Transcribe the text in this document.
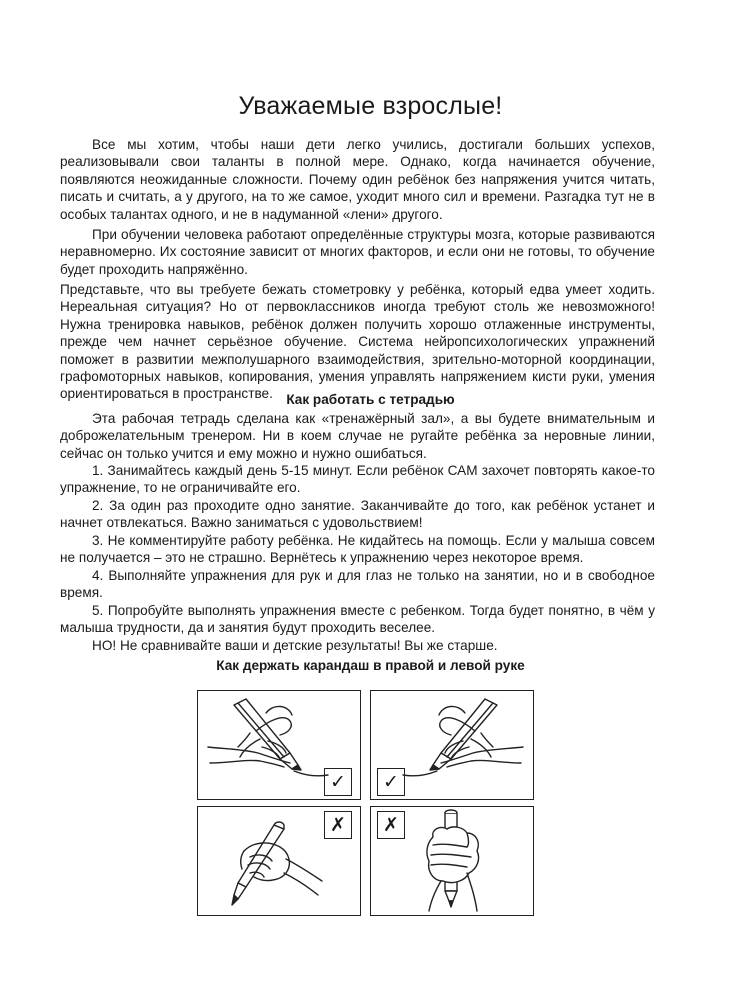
Уважаемые взрослые!

Все мы хотим, чтобы наши дети легко учились, достигали больших успехов, реализовывали свои таланты в полной мере. Однако, когда начинается обучение, появляются неожиданные сложности. Почему один ребёнок без напряжения учится читать, писать и считать, а у другого, на то же самое, уходит много сил и времени. Разгадка тут не в особых талантах одного, и не в надуманной «лени» другого.

При обучении человека работают определённые структуры мозга, которые развиваются неравномерно. Их состояние зависит от многих факторов, и если они не готовы, то обучение будет проходить напряжённо.

Представьте, что вы требуете бежать стометровку у ребёнка, который едва умеет ходить. Нереальная ситуация? Но от первоклассников иногда требуют столь же невозможного! Нужна тренировка навыков, ребёнок должен получить хорошо отлаженные инструменты, прежде чем начнет серьёзное обучение. Система нейропсихологических упражнений поможет в развитии межполушарного взаимодействия, зрительно-моторной координации, графомоторных навыков, копирования, умения управлять напряжением кисти руки, умения ориентироваться в пространстве. Как работать с тетрадью

Эта рабочая тетрадь сделана как «тренажёрный зал», а вы будете внимательным и доброжелательным тренером. Ни в коем случае не ругайте ребёнка за неровные линии, сейчас он только учится и ему можно и нужно ошибаться.

1. Занимайтесь каждый день 5-15 минут. Если ребёнок САМ захочет повторять какое-то упражнение, то не ограничивайте его.

2. За один раз проходите одно занятие. Заканчивайте до того, как ребёнок устанет и начнет отвлекаться. Важно заниматься с удовольствием!

3. Не комментируйте работу ребёнка. Не кидайтесь на помощь. Если у малыша совсем не получается – это не страшно. Вернётесь к упражнению через некоторое время.

4. Выполняйте упражнения для рук и для глаз не только на занятии, но и в свободное время.

5. Попробуйте выполнять упражнения вместе с ребенком. Тогда будет понятно, в чём у малыша трудности, да и занятия будут проходить веселее.

НО! Не сравнивайте ваши и детские результаты! Вы же старше.

Как держать карандаш в правой и левой руке
✓	✓
✗	✗
